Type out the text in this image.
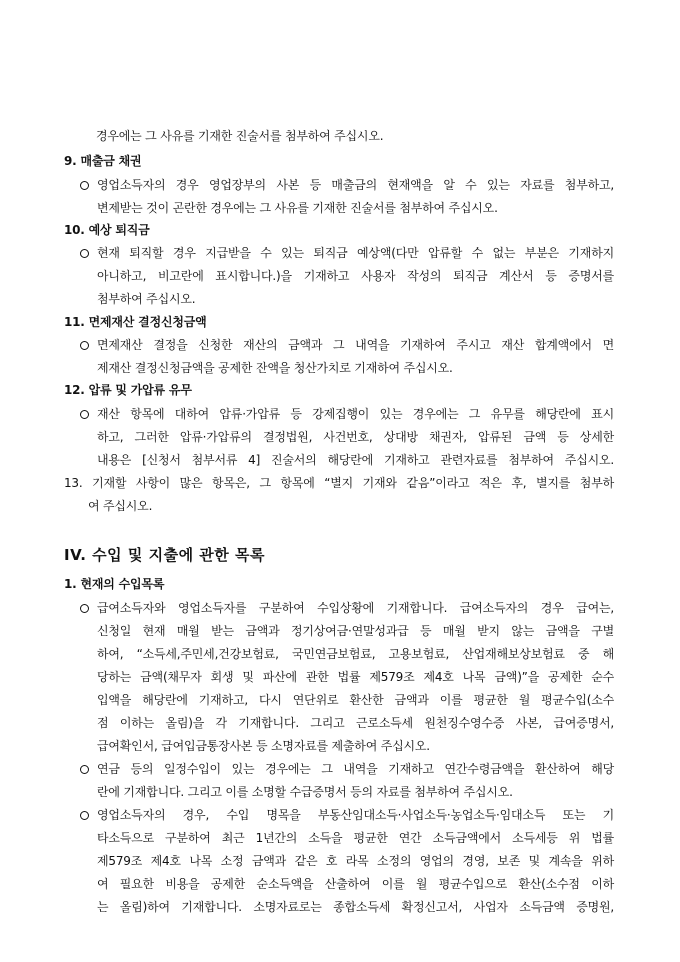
경우에는 그 사유를 기재한 진술서를 첨부하여 주십시오.
9. 매출금 채권
영업소득자의 경우 영업장부의 사본 등 매출금의 현재액을 알 수 있는 자료를 첨부하고,
변제받는 것이 곤란한 경우에는 그 사유를 기재한 진술서를 첨부하여 주십시오.
10. 예상 퇴직금
현재 퇴직할 경우 지급받을 수 있는 퇴직금 예상액(다만 압류할 수 없는 부분은 기재하지
아니하고, 비고란에 표시합니다.)을 기재하고 사용자 작성의 퇴직금 계산서 등 증명서를
첨부하여 주십시오.
11. 면제재산 결정신청금액
면제재산 결정을 신청한 재산의 금액과 그 내역을 기재하여 주시고 재산 합계액에서 면
제재산 결정신청금액을 공제한 잔액을 청산가치로 기재하여 주십시오.
12. 압류 및 가압류 유무
재산 항목에 대하여 압류·가압류 등 강제집행이 있는 경우에는 그 유무를 해당란에 표시
하고, 그러한 압류·가압류의 결정법원, 사건번호, 상대방 채권자, 압류된 금액 등 상세한
내용은 [신청서 첨부서류 4] 진술서의 해당란에 기재하고 관련자료를 첨부하여 주십시오.
13. 기재할 사항이 많은 항목은, 그 항목에 “별지 기재와 같음”이라고 적은 후, 별지를 첨부하
여 주십시오.
IV. 수입 및 지출에 관한 목록
1. 현재의 수입목록
급여소득자와 영업소득자를 구분하여 수입상황에 기재합니다. 급여소득자의 경우 급여는,
신청일 현재 매월 받는 금액과 정기상여금·연말성과급 등 매월 받지 않는 금액을 구별
하여, “소득세,주민세,건강보험료, 국민연금보험료, 고용보험료, 산업재해보상보험료 중 해
당하는 금액(채무자 회생 및 파산에 관한 법률 제579조 제4호 나목 금액)”을 공제한 순수
입액을 해당란에 기재하고, 다시 연단위로 환산한 금액과 이를 평균한 월 평균수입(소수
점 이하는 올림)을 각 기재합니다. 그리고 근로소득세 원천징수영수증 사본, 급여증명서,
급여확인서, 급여입금통장사본 등 소명자료를 제출하여 주십시오.
연금 등의 일정수입이 있는 경우에는 그 내역을 기재하고 연간수령금액을 환산하여 해당
란에 기재합니다. 그리고 이를 소명할 수급증명서 등의 자료를 첨부하여 주십시오.
영업소득자의 경우, 수입 명목을 부동산임대소득·사업소득·농업소득·임대소득 또는 기
타소득으로 구분하여 최근 1년간의 소득을 평균한 연간 소득금액에서 소득세등 위 법률
제579조 제4호 나목 소정 금액과 같은 호 라목 소정의 영업의 경영, 보존 및 계속을 위하
여 필요한 비용을 공제한 순소득액을 산출하여 이를 월 평균수입으로 환산(소수점 이하
는 올림)하여 기재합니다. 소명자료로는 종합소득세 확정신고서, 사업자 소득금액 증명원,
